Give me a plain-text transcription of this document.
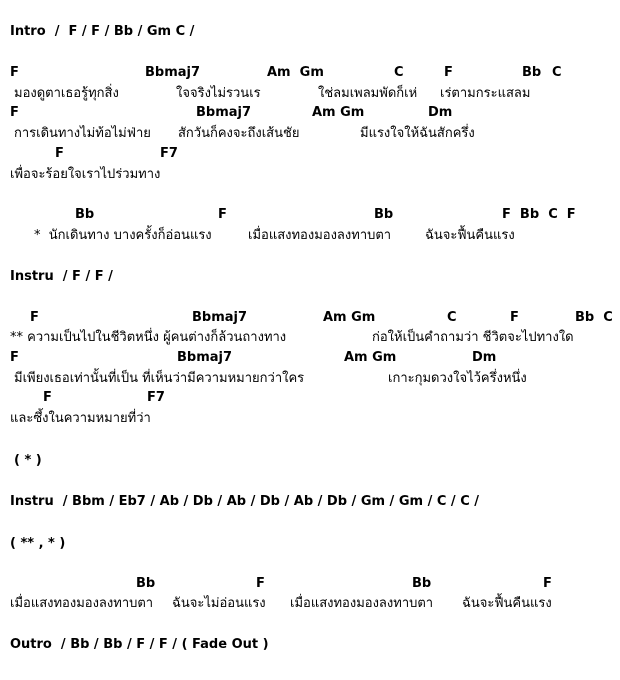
Intro  /  F / F / Bb / Gm C /
F	Bbmaj7	Am  Gm	C	F	Bb C
มองดูตาเธอรู้ทุกสิ่ง	ใจจริงไม่รวนเร	ใช่ลมเพลมพัดก็เห่ เร่ตามกระแสลม
F	Bbmaj7	Am Gm	Dm
การเดินทางไม่ท้อไม่ฟ่าย สักวันก็คงจะถึงเส้นชัย	มีแรงใจให้ฉันสักครึ่ง
F	F7
เพื่อจะร้อยใจเราไปร่วมทาง
Bb	F	Bb	F  Bb  C  F
*  นักเดินทาง บางครั้งก็อ่อนแรง	เมื่อแสงทองมองลงทาบตา	ฉันจะฟื้นคืนแรง
Instru  / F / F /
F	Bbmaj7	Am Gm	C	F	Bb  C
** ความเป็นไปในชีวิตหนึ่ง ผู้คนต่างก็ล้วนถางทาง	ก่อให้เป็นคำถามว่า ชีวิตจะไปทางใด
F	Bbmaj7	Am Gm	Dm
มีเพียงเธอเท่านั้นที่เป็น ที่เห็นว่ามีความหมายกว่าใคร	เกาะกุมดวงใจไว้ครึ่งหนึ่ง
F	F7
และซึ้งในความหมายที่ว่า
( * )
Instru  / Bbm / Eb7 / Ab / Db / Ab / Db / Ab / Db / Gm / Gm / C / C /
( ** , * )
Bb	F	Bb	F
เมื่อแสงทองมองลงทาบตา ฉันจะไม่อ่อนแรง เมื่อแสงทองมองลงทาบตา ฉันจะฟื้นคืนแรง
Outro  / Bb / Bb / F / F / ( Fade Out )
